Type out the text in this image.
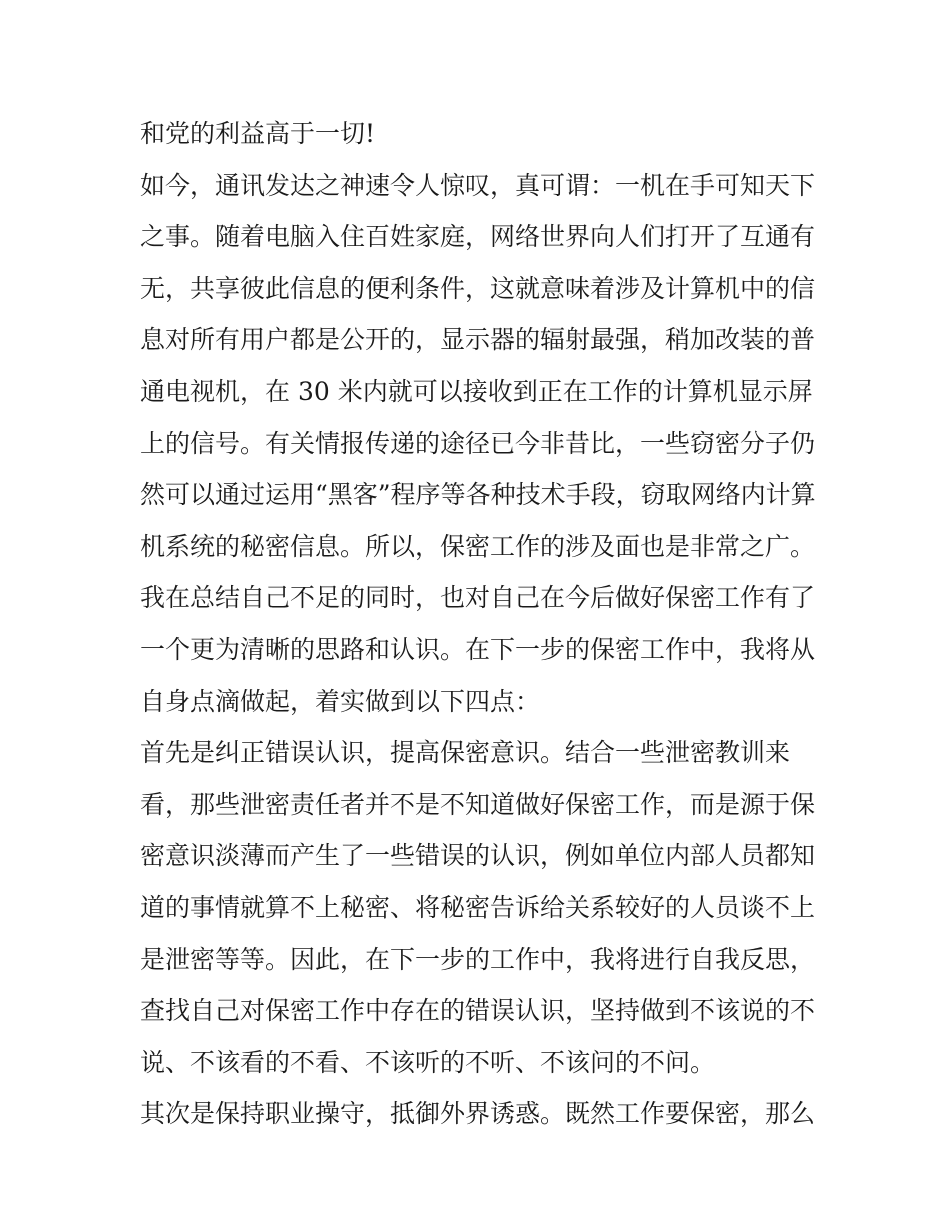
和党的利益高于一切!
如今，通讯发达之神速令人惊叹，真可谓：一机在手可知天下
之事。随着电脑入住百姓家庭，网络世界向人们打开了互通有
无，共享彼此信息的便利条件，这就意味着涉及计算机中的信
息对所有用户都是公开的，显示器的辐射最强，稍加改装的普
通电视机，在 30 米内就可以接收到正在工作的计算机显示屏
上的信号。有关情报传递的途径已今非昔比，一些窃密分子仍
然可以通过运用“黑客”程序等各种技术手段，窃取网络内计算
机系统的秘密信息。所以，保密工作的涉及面也是非常之广。
我在总结自己不足的同时，也对自己在今后做好保密工作有了
一个更为清晰的思路和认识。在下一步的保密工作中，我将从
自身点滴做起，着实做到以下四点：
首先是纠正错误认识，提高保密意识。结合一些泄密教训来
看，那些泄密责任者并不是不知道做好保密工作，而是源于保
密意识淡薄而产生了一些错误的认识，例如单位内部人员都知
道的事情就算不上秘密、将秘密告诉给关系较好的人员谈不上
是泄密等等。因此，在下一步的工作中，我将进行自我反思，
查找自己对保密工作中存在的错误认识，坚持做到不该说的不
说、不该看的不看、不该听的不听、不该问的不问。
其次是保持职业操守，抵御外界诱惑。既然工作要保密，那么
